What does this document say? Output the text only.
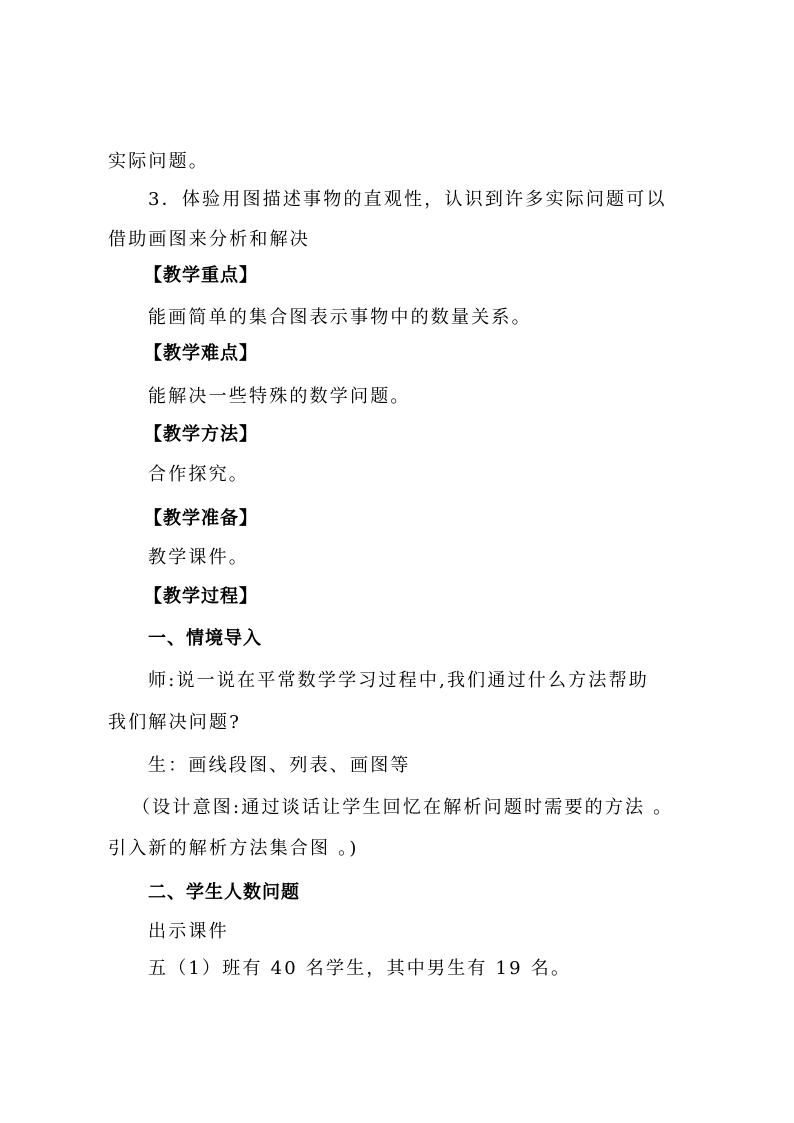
实际问题。
3．体验用图描述事物的直观性，认识到许多实际问题可以
借助画图来分析和解决
【教学重点】
能画简单的集合图表示事物中的数量关系。
【教学难点】
能解决一些特殊的数学问题。
【教学方法】
合作探究。
【教学准备】
教学课件。
【教学过程】
一、情境导入
师:说一说在平常数学学习过程中,我们通过什么方法帮助
我们解决问题?
生：画线段图、列表、画图等
（设计意图:通过谈话让学生回忆在解析问题时需要的方法 。
引入新的解析方法集合图 。)
二、学生人数问题
出示课件
五（1）班有 40 名学生，其中男生有 19 名。
